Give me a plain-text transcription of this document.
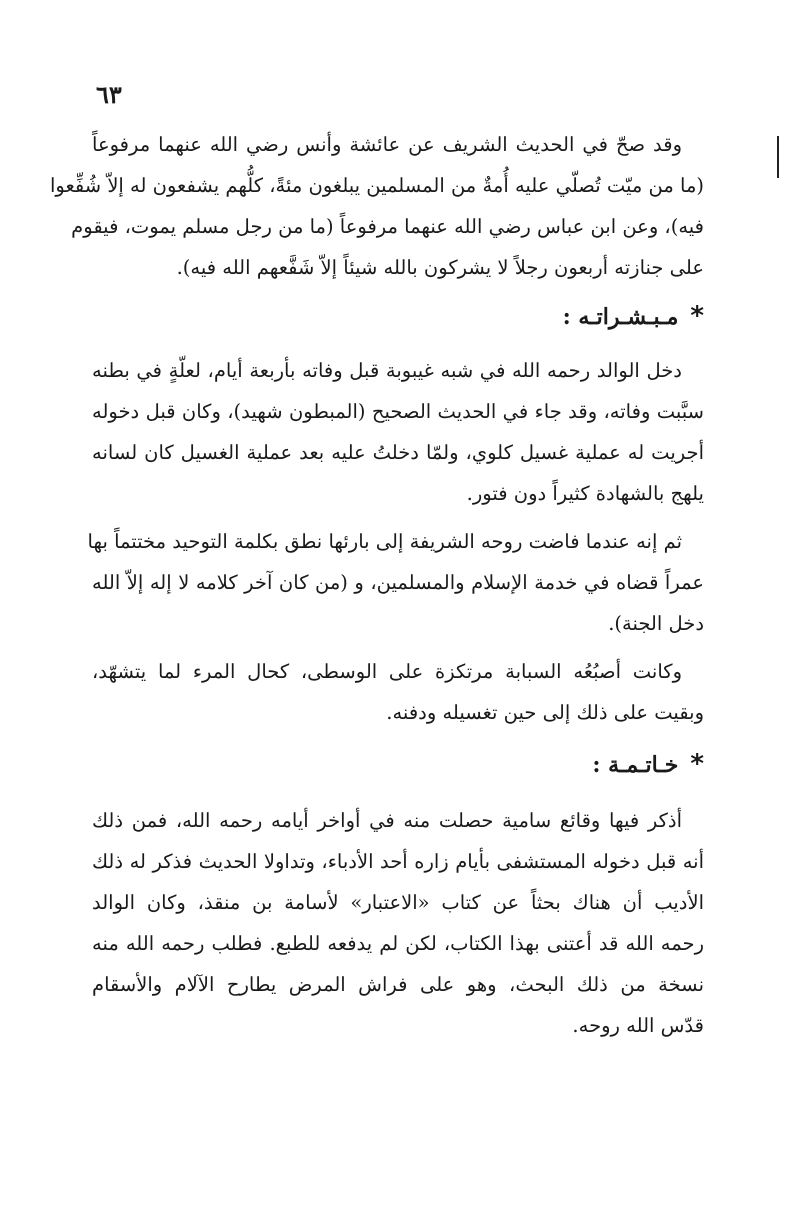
٦٣

وقد صحّ في الحديث الشريف عن عائشة وأنس رضي الله عنهما مرفوعاً

(ما من ميّت تُصلّي عليه أُمةٌ من المسلمين يبلغون مئةً، كلُّهم يشفعون له إلاّ شُفِّعوا

فيه)، وعن ابن عباس رضي الله عنهما مرفوعاً (ما من رجل مسلم يموت، فيقوم

على جنازته أربعون رجلاً لا يشركون بالله شيئاً إلاّ شَفَّعهم الله فيه).

*مـبـشـراتـه :

دخل الوالد رحمه الله في شبه غيبوبة قبل وفاته بأربعة أيام، لعلّةٍ في بطنه

سبَّبت وفاته، وقد جاء في الحديث الصحيح (المبطون شهيد)، وكان قبل دخوله

أجريت له عملية غسيل كلوي، ولمّا دخلتُ عليه بعد عملية الغسيل كان لسانه

يلهج بالشهادة كثيراً دون فتور.

ثم إنه عندما فاضت روحه الشريفة إلى بارئها نطق بكلمة التوحيد مختتماً بها

عمراً قضاه في خدمة الإسلام والمسلمين، و (من كان آخر كلامه لا إله إلاّ الله

دخل الجنة).

وكانت أصبُعُه السبابة مرتكزة على الوسطى، كحال المرء لما يتشهّد،

وبقيت على ذلك إلى حين تغسيله ودفنه.

*خـاتـمـة :

أذكر فيها وقائع سامية حصلت منه في أواخر أيامه رحمه الله، فمن ذلك

أنه قبل دخوله المستشفى بأيام زاره أحد الأدباء، وتداولا الحديث فذكر له ذلك

الأديب أن هناك بحثاً عن كتاب «الاعتبار» لأسامة بن منقذ، وكان الوالد

رحمه الله قد أعتنى بهذا الكتاب، لكن لم يدفعه للطبع. فطلب رحمه الله منه

نسخة من ذلك البحث، وهو على فراش المرض يطارح الآلام والأسقام

قدّس الله روحه.
